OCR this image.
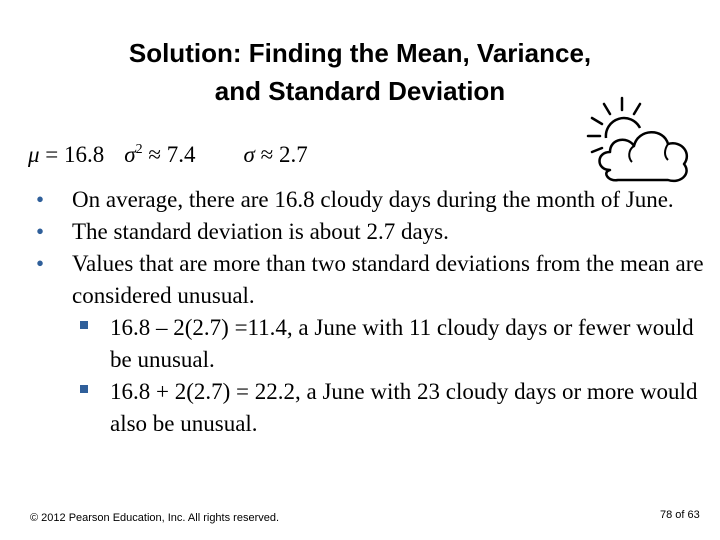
Solution: Finding the Mean, Variance,
and Standard Deviation
μ = 16.8 $\sigma^2 \approx 7.4$ σ ≈ 2.7
•	On average, there are 16.8 cloudy days during the month of June.
•	The standard deviation is about 2.7 days.
•	Values that are more than two standard deviations from the mean are considered unusual.
16.8 – 2(2.7) =11.4, a June with 11 cloudy days or fewer would be unusual.
16.8 + 2(2.7) = 22.2, a June with 23 cloudy days or more would also be unusual.
© 2012 Pearson Education, Inc. All rights reserved.	78 of 63
